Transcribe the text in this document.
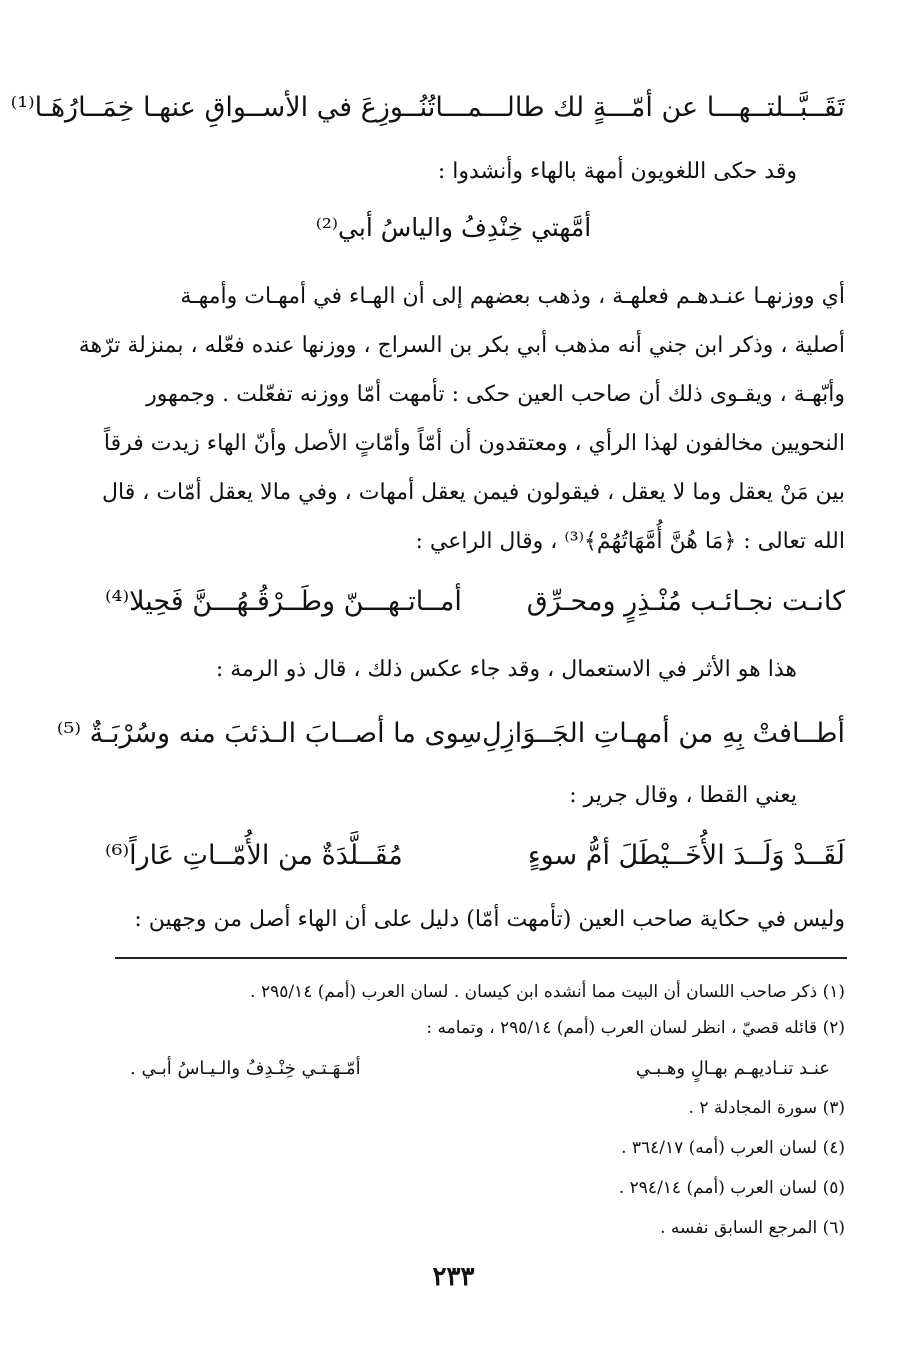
تَقَــبَّــلتــهـــا عن أمّـــةٍ لك طالـــمـــا
تُنُــوزِعَ في الأســواقِ عنهـا خِمَــارُهَـا⁽¹⁾
وقد حكى اللغويون أمهة بالهاء وأنشدوا :
أمَّهتي خِنْدِفُ والياسُ أبي⁽²⁾
أي ووزنهـا عنـدهـم فعلهـة ، وذهب بعضهم إلى أن الهـاء في أمهـات وأمهـة
أصلية ، وذكر ابن جني أنه مذهب أبي بكر بن السراج ، ووزنها عنده فعّله ، بمنزلة ترّهة
وأبّهـة ، ويقـوى ذلك أن صاحب العين حكى : تأمهت أمّا ووزنه تفعّلت . وجمهور
النحويين مخالفون لهذا الرأي ، ومعتقدون أن أمّاً وأمّاتٍ الأصل وأنّ الهاء زيدت فرقاً
بين مَنْ يعقل وما لا يعقل ، فيقولون فيمن يعقل أمهات ، وفي مالا يعقل أمّات ، قال
الله تعالى : ﴿مَا هُنَّ أُمَّهَاتُهُمْ﴾⁽³⁾ ، وقال الراعي :
كانـت نجـائـب مُنْـذِرٍ ومحـرِّق
أمــاتـهـــنّ وطَــرْقُـهُـــنَّ فَحِيلا⁽⁴⁾
هذا هو الأثر في الاستعمال ، وقد جاء عكس ذلك ، قال ذو الرمة :
أطــافتْ بِهِ من أمهـاتِ الجَــوَازِلِ
سِوى ما أصــابَ الـذئبَ منه وسُرْبَـةٌ ⁽⁵⁾
يعني القطا ، وقال جرير :
لَقَــدْ وَلَــدَ الأُخَــيْطَلَ أمُّ سوءٍ
مُقَــلَّدَةٌ من الأُمّــاتِ عَاراً⁽⁶⁾
وليس في حكاية صاحب العين (تأمهت أمّا) دليل على أن الهاء أصل من وجهين :
(١) ذكر صاحب اللسان أن البيت مما أنشده ابن كيسان . لسان العرب (أمم) ٢٩٥/١٤ .
(٢) قائله قصيّ ، انظر لسان العرب (أمم) ٢٩٥/١٤ ، وتمامه :
عنـد تنـاديهـم بهـالٍ وهـبـي
أمّـهَـتـي خِنْـدِفُ والـيـاسُ أبـي .
(٣) سورة المجادلة ٢ .
(٤) لسان العرب (أمه) ٣٦٤/١٧ .
(٥) لسان العرب (أمم) ٢٩٤/١٤ .
(٦) المرجع السابق نفسه .
٢٣٣
